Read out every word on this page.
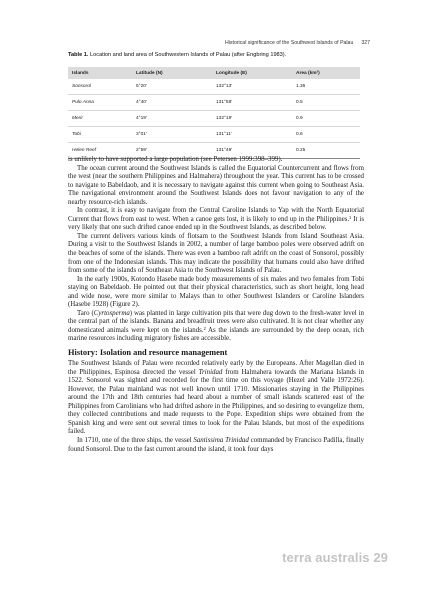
Historical significance of the Southwest Islands of Palau 327
Table 1. Location and land area of Southwestern Islands of Palau (after Engbring 1983).
Islands	Latitude (N)	Longitude (E)	Area (km²)
Sonsorol	5°20′	132°13′	1.36
Pulo Anna	4°40′	131°58′	0.5
Merir	4°19′	132°19′	0.9
Tobi	3°01′	131°11′	0.6
Helen Reef	2°59′	131°49′	0.25

is unlikely to have supported a large population (see Petersen 1999:398–399).

The ocean current around the Southwest Islands is called the Equatorial Countercurrent and flows from the west (near the southern Philippines and Halmahera) throughout the year. This current has to be crossed to navigate to Babeldaob, and it is necessary to navigate against this current when going to Southeast Asia. The navigational environment around the Southwest Islands does not favour navigation to any of the nearby resource-rich islands.

In contrast, it is easy to navigate from the Central Caroline Islands to Yap with the North Equatorial Current that flows from east to west. When a canoe gets lost, it is likely to end up in the Philippines.¹ It is very likely that one such drifted canoe ended up in the Southwest Islands, as described below.

The current delivers various kinds of flotsam to the Southwest Islands from Island Southeast Asia. During a visit to the Southwest Islands in 2002, a number of large bamboo poles were observed adrift on the beaches of some of the islands. There was even a bamboo raft adrift on the coast of Sonsorol, possibly from one of the Indonesian islands. This may indicate the possibility that humans could also have drifted from some of the islands of Southeast Asia to the Southwest Islands of Palau.

In the early 1900s, Kotondo Hasebe made body measurements of six males and two females from Tobi staying on Babeldaob. He pointed out that their physical characteristics, such as short height, long head and wide nose, were more similar to Malays than to other Southwest Islanders or Caroline Islanders (Hasebe 1928) (Figure 2).

Taro (Cyrtosperma) was planted in large cultivation pits that were dug down to the fresh-water level in the central part of the islands. Banana and breadfruit trees were also cultivated. It is not clear whether any domesticated animals were kept on the islands.² As the islands are surrounded by the deep ocean, rich marine resources including migratory fishes are accessible.

History: Isolation and resource management

The Southwest Islands of Palau were recorded relatively early by the Europeans. After Magellan died in the Philippines, Espinosa directed the vessel Trinidad from Halmahera towards the Mariana Islands in 1522. Sonsorol was sighted and recorded for the first time on this voyage (Hezel and Valle 1972:26). However, the Palau mainland was not well known until 1710. Missionaries staying in the Philippines around the 17th and 18th centuries had heard about a number of small islands scattered east of the Philippines from Carolinians who had drifted ashore in the Philippines, and so desiring to evangelize them, they collected contributions and made requests to the Pope. Expedition ships were obtained from the Spanish king and were sent out several times to look for the Palau Islands, but most of the expeditions failed.

In 1710, one of the three ships, the vessel Santissima Trinidad commanded by Francisco Padilla, finally found Sonsorol. Due to the fast current around the island, it took four days

terra australis 29
